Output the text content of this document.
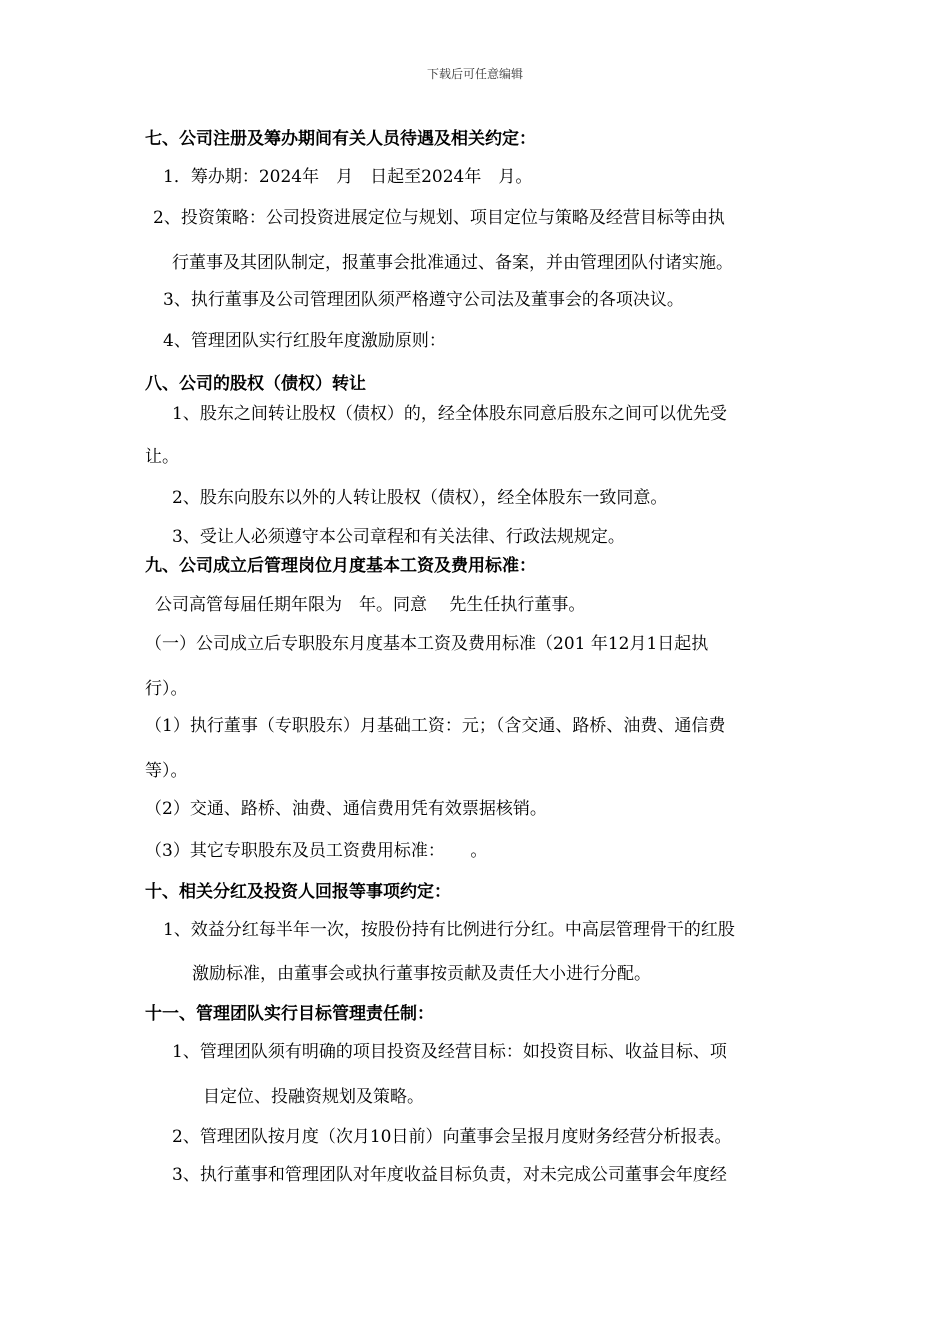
下载后可任意编辑
七、公司注册及筹办期间有关人员待遇及相关约定：
1．筹办期：2024年　月　日起至2024年　月。
2、投资策略：公司投资进展定位与规划、项目定位与策略及经营目标等由执
行董事及其团队制定，报董事会批准通过、备案，并由管理团队付诸实施。
3、执行董事及公司管理团队须严格遵守公司法及董事会的各项决议。
4、管理团队实行红股年度激励原则：
八、公司的股权（债权）转让
1、股东之间转让股权（债权）的，经全体股东同意后股东之间可以优先受
让。
2、股东向股东以外的人转让股权（债权），经全体股东一致同意。
3、受让人必须遵守本公司章程和有关法律、行政法规规定。
九、公司成立后管理岗位月度基本工资及费用标准：
公司高管每届任期年限为　年。同意　 先生任执行董事。
（一）公司成立后专职股东月度基本工资及费用标准（201 年12月1日起执
行）。
（1）执行董事（专职股东）月基础工资：元；（含交通、路桥、油费、通信费
等）。
（2）交通、路桥、油费、通信费用凭有效票据核销。
（3）其它专职股东及员工资费用标准：　　。
十、相关分红及投资人回报等事项约定：
1、效益分红每半年一次，按股份持有比例进行分红。中高层管理骨干的红股
激励标准，由董事会或执行董事按贡献及责任大小进行分配。
十一、管理团队实行目标管理责任制：
1、管理团队须有明确的项目投资及经营目标：如投资目标、收益目标、项
目定位、投融资规划及策略。
2、管理团队按月度（次月10日前）向董事会呈报月度财务经营分析报表。
3、执行董事和管理团队对年度收益目标负责，对未完成公司董事会年度经
